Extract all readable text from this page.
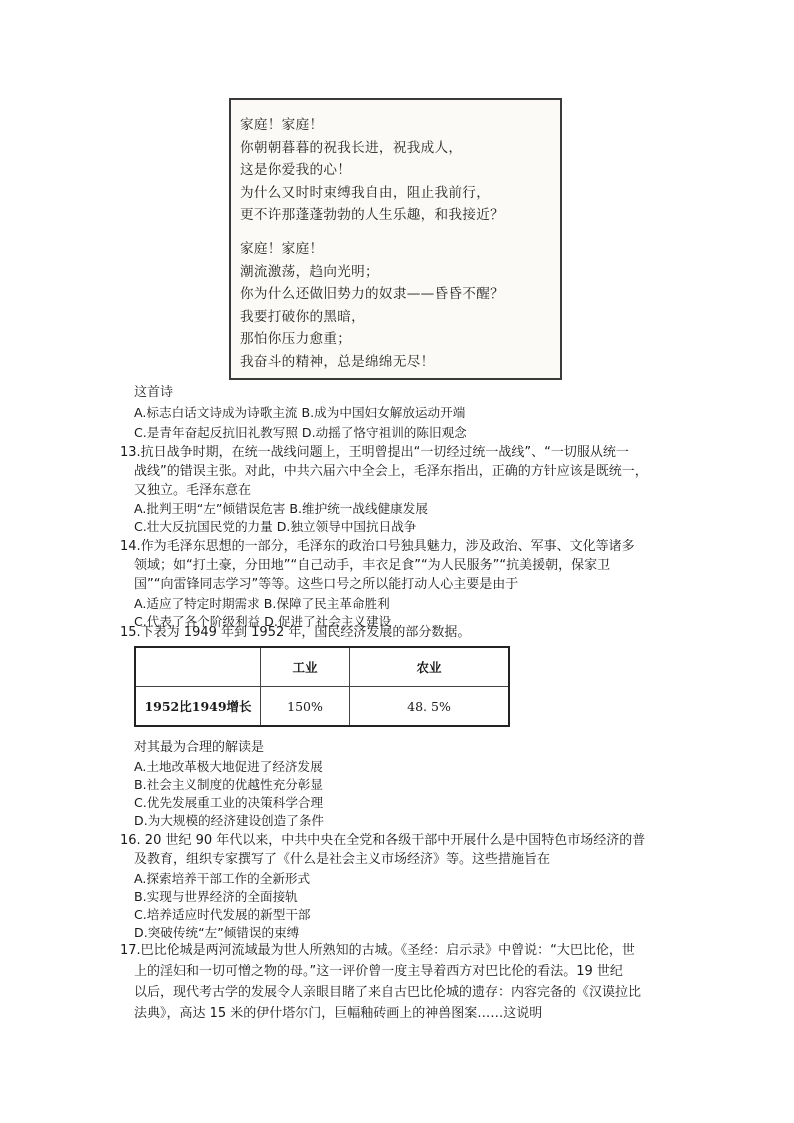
家庭！家庭！
你朝朝暮暮的祝我长进，祝我成人，
这是你爱我的心！
为什么又时时束缚我自由，阻止我前行，
更不许那蓬蓬勃勃的人生乐趣，和我接近？
家庭！家庭！
潮流激荡，趋向光明；
你为什么还做旧势力的奴隶——昏昏不醒？
我要打破你的黑暗，
那怕你压力愈重；
我奋斗的精神，总是绵绵无尽！
这首诗
A.标志白话文诗成为诗歌主流 B.成为中国妇女解放运动开端
C.是青年奋起反抗旧礼教写照 D.动摇了恪守祖训的陈旧观念
13.抗日战争时期，在统一战线问题上，王明曾提出“一切经过统一战线”、“一切服从统一
战线”的错误主张。对此，中共六届六中全会上，毛泽东指出，正确的方针应该是既统一，
又独立。毛泽东意在
A.批判王明“左”倾错误危害 B.维护统一战线健康发展
C.壮大反抗国民党的力量 D.独立领导中国抗日战争
14.作为毛泽东思想的一部分，毛泽东的政治口号独具魅力，涉及政治、军事、文化等诸多
领域；如“打土豪，分田地”“自己动手，丰衣足食”“为人民服务”“抗美援朝，保家卫
国”“向雷锋同志学习”等等。这些口号之所以能打动人心主要是由于
A.适应了特定时期需求 B.保障了民主革命胜利
C.代表了各个阶级利益 D.促进了社会主义建设
15.下表为 1949 年到 1952 年，国民经济发展的部分数据。
	工业	农业
1952比1949增长	150%	48. 5%
对其最为合理的解读是
A.土地改革极大地促进了经济发展
B.社会主义制度的优越性充分彰显
C.优先发展重工业的决策科学合理
D.为大规模的经济建设创造了条件
16. 20 世纪 90 年代以来，中共中央在全党和各级干部中开展什么是中国特色市场经济的普
及教育，组织专家撰写了《什么是社会主义市场经济》等。这些措施旨在
A.探索培养干部工作的全新形式
B.实现与世界经济的全面接轨
C.培养适应时代发展的新型干部
D.突破传统“左”倾错误的束缚
17.巴比伦城是两河流域最为世人所熟知的古城。《圣经：启示录》中曾说：“大巴比伦，世
上的淫妇和一切可憎之物的母。”这一评价曾一度主导着西方对巴比伦的看法。19 世纪
以后，现代考古学的发展令人亲眼目睹了来自古巴比伦城的遗存：内容完备的《汉谟拉比
法典》，高达 15 米的伊什塔尔门，巨幅釉砖画上的神兽图案……这说明
